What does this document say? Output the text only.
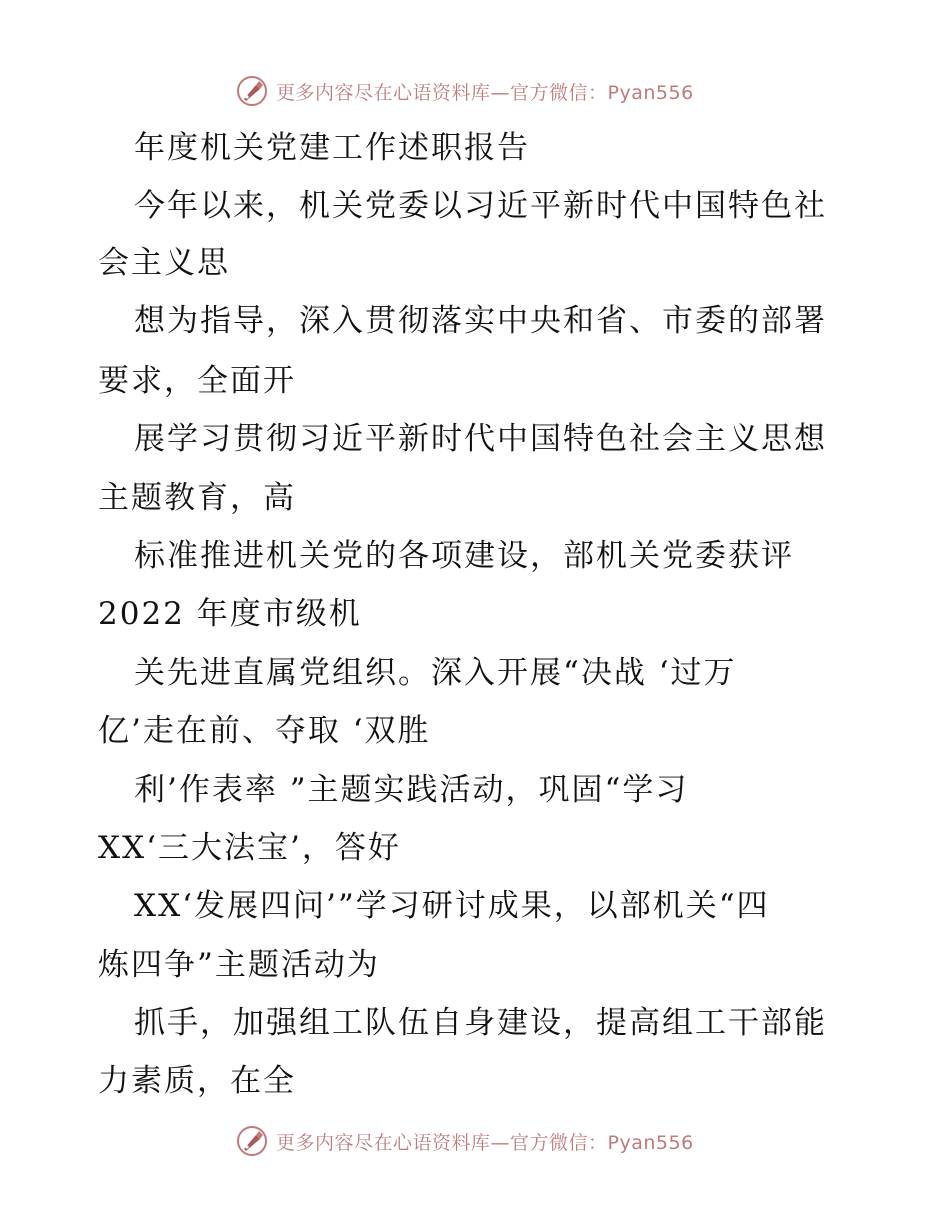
更多内容尽在心语资料库—官方微信：Pyan556
年度机关党建工作述职报告
今年以来，机关党委以习近平新时代中国特色社
会主义思
想为指导，深入贯彻落实中央和省、市委的部署
要求，全面开
展学习贯彻习近平新时代中国特色社会主义思想
主题教育，高
标准推进机关党的各项建设，部机关党委获评
2022 年度市级机
关先进直属党组织。深入开展“决战 ‘过万
亿’走在前、夺取 ‘双胜
利’作表率 ”主题实践活动，巩固“学习
XX‘三大法宝’，答好
XX‘发展四问’”学习研讨成果，以部机关“四
炼四争”主题活动为
抓手，加强组工队伍自身建设，提高组工干部能
力素质，在全
更多内容尽在心语资料库—官方微信：Pyan556
